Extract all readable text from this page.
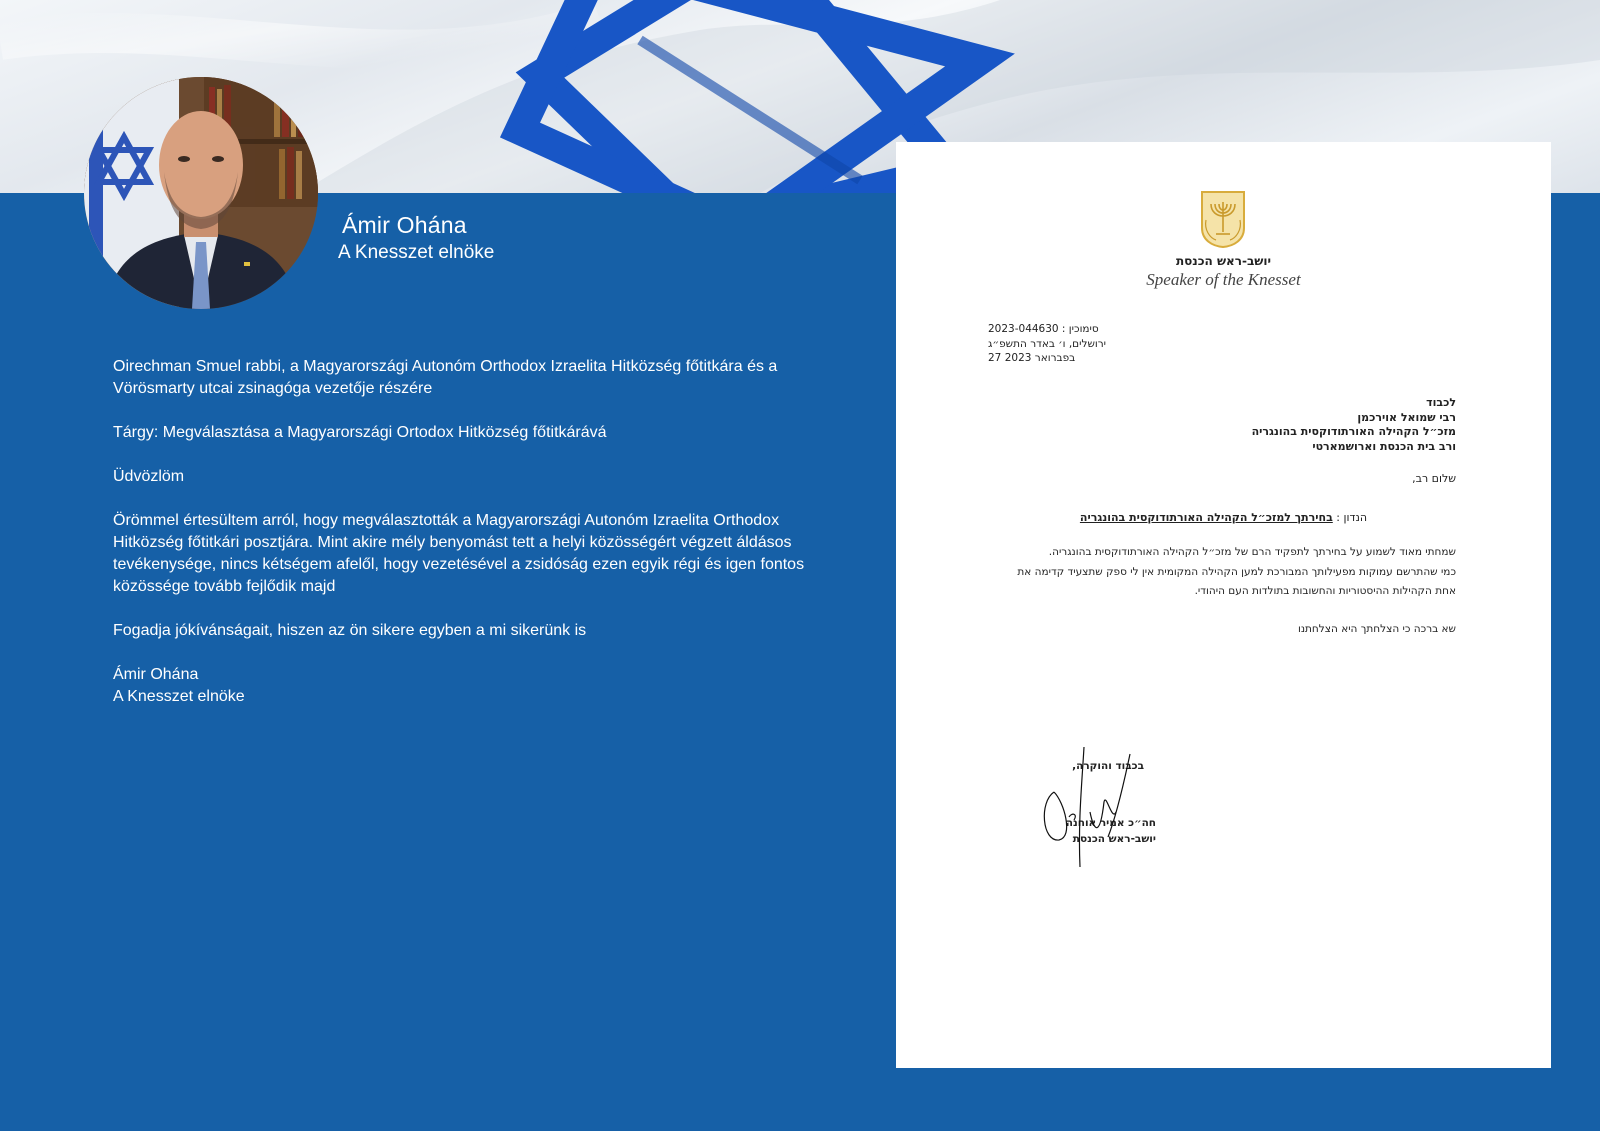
Ámir Ohána
A Knesszet elnöke

Oirechman Smuel rabbi, a Magyarországi Autonóm Orthodox Izraelita Hitközség főtitkára és a Vörösmarty utcai zsinagóga vezetője részére

Tárgy: Megválasztása a Magyarországi Ortodox Hitközség főtitkárává

Üdvözlöm

Örömmel értesültem arról, hogy megválasztották a Magyarországi Autonóm Izraelita Orthodox Hitközség főtitkári posztjára. Mint akire mély benyomást tett a helyi közösségért végzett áldásos tevékenysége, nincs kétségem afelől, hogy vezetésével a zsidóság ezen egyik régi és igen fontos közössége tovább fejlődik majd

Fogadja jókívánságait, hiszen az ön sikere egyben a mi sikerünk is

Ámir Ohána

A Knesszet elnöke

יושב-ראש הכנסת
Speaker of the Knesset
סימוכין : 2023-044630
ירושלים, ו׳ באדר התשפ״ג
27 בפברואר 2023
לכבוד
רבי שמואל אוירכמן
מזכ״ל הקהילה האורתודוקסית בהונגריה
ורב בית הכנסת וארושמארטי
שלום רב,
הנדון : בחירתך למזכ״ל הקהילה האורתודוקסית בהונגריה
שמחתי מאוד לשמוע על בחירתך לתפקיד הרם של מזכ״ל הקהילה האורתודוקסית בהונגריה.
כמי שהתרשם עמוקות מפעילותך המבורכת למען הקהילה המקומית אין לי ספק שתצעיד קדימה את
אחת הקהילות ההיסטוריות והחשובות בתולדות העם היהודי.
שא ברכה כי הצלחתך היא הצלחתנו
בכבוד והוקרה,
חה״כ אמיר אוחנה
יושב-ראש הכנסת
